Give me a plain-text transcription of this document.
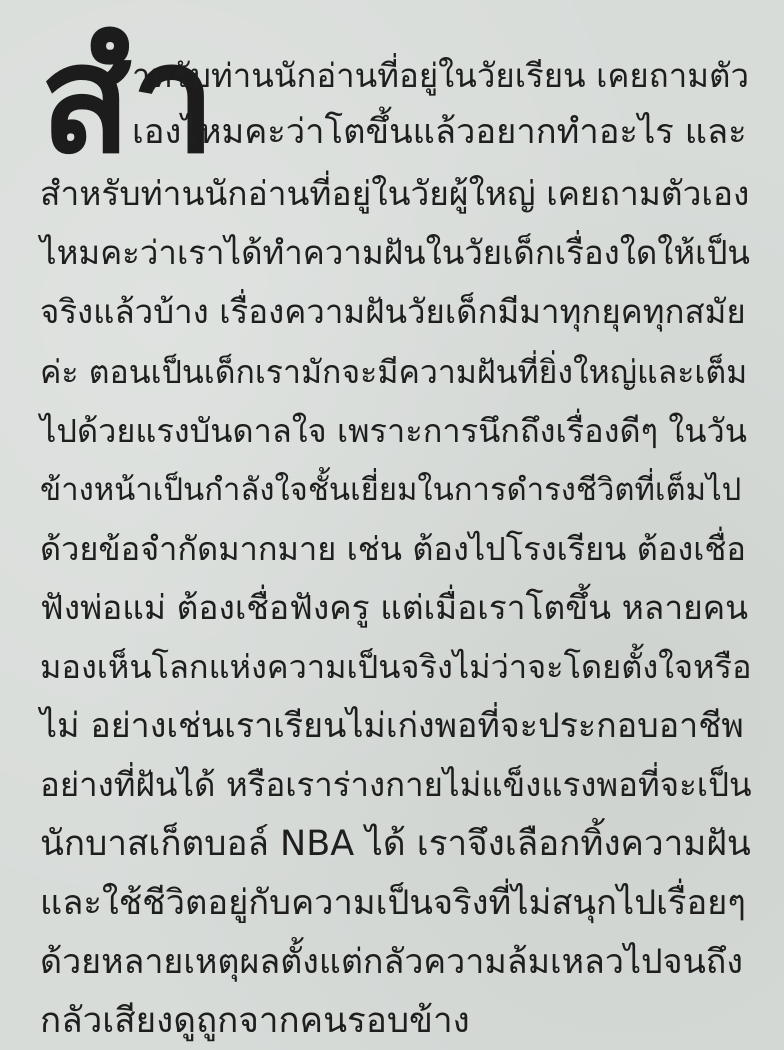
สำ
าหรับท่านนักอ่านที่อยู่ในวัยเรียน เคยถามตัว
เองไหมคะว่าโตขึ้นแล้วอยากทำอะไร และ
สำหรับท่านนักอ่านที่อยู่ในวัยผู้ใหญ่ เคยถามตัวเอง
ไหมคะว่าเราได้ทำความฝันในวัยเด็กเรื่องใดให้เป็น
จริงแล้วบ้าง เรื่องความฝันวัยเด็กมีมาทุกยุคทุกสมัย
ค่ะ ตอนเป็นเด็กเรามักจะมีความฝันที่ยิ่งใหญ่และเต็ม
ไปด้วยแรงบันดาลใจ เพราะการนึกถึงเรื่องดีๆ ในวัน
ข้างหน้าเป็นกำลังใจชั้นเยี่ยมในการดำรงชีวิตที่เต็มไป
ด้วยข้อจำกัดมากมาย เช่น ต้องไปโรงเรียน ต้องเชื่อ
ฟังพ่อแม่ ต้องเชื่อฟังครู แต่เมื่อเราโตขึ้น หลายคน
มองเห็นโลกแห่งความเป็นจริงไม่ว่าจะโดยตั้งใจหรือ
ไม่ อย่างเช่นเราเรียนไม่เก่งพอที่จะประกอบอาชีพ
อย่างที่ฝันได้ หรือเราร่างกายไม่แข็งแรงพอที่จะเป็น
นักบาสเก็ตบอล์ NBA ได้ เราจึงเลือกทิ้งความฝัน
และใช้ชีวิตอยู่กับความเป็นจริงที่ไม่สนุกไปเรื่อยๆ
ด้วยหลายเหตุผลตั้งแต่กลัวความล้มเหลวไปจนถึง
กลัวเสียงดูถูกจากคนรอบข้าง
